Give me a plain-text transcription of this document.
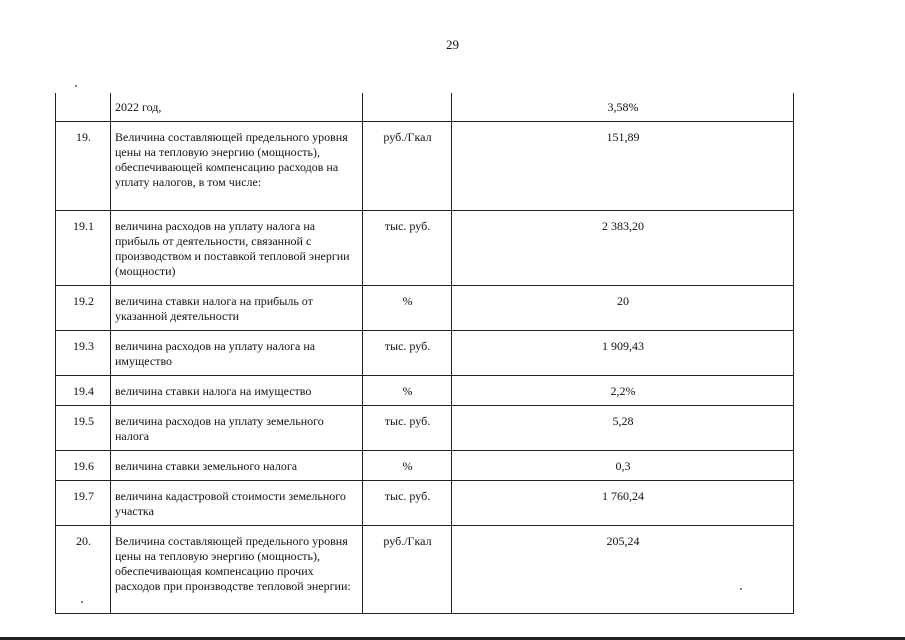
29
	2022 год,		3,58%
19.	Величина составляющей предельного уровня цены на тепловую энергию (мощность), обеспечивающей компенсацию расходов на уплату налогов, в том числе:	руб./Гкал	151,89
19.1	величина расходов на уплату налога на прибыль от деятельности, связанной с производством и поставкой тепловой энергии (мощности)	тыс. руб.	2 383,20
19.2	величина ставки налога на прибыль от указанной деятельности	%	20
19.3	величина расходов на уплату налога на имущество	тыс. руб.	1 909,43
19.4	величина ставки налога на имущество	%	2,2%
19.5	величина расходов на уплату земельного налога	тыс. руб.	5,28
19.6	величина ставки земельного налога	%	0,3
19.7	величина кадастровой стоимости земельного участка	тыс. руб.	1 760,24
20.	Величина составляющей предельного уровня цены на тепловую энергию (мощность), обеспечивающая компенсацию прочих расходов при производстве тепловой энергии:	руб./Гкал	205,24
